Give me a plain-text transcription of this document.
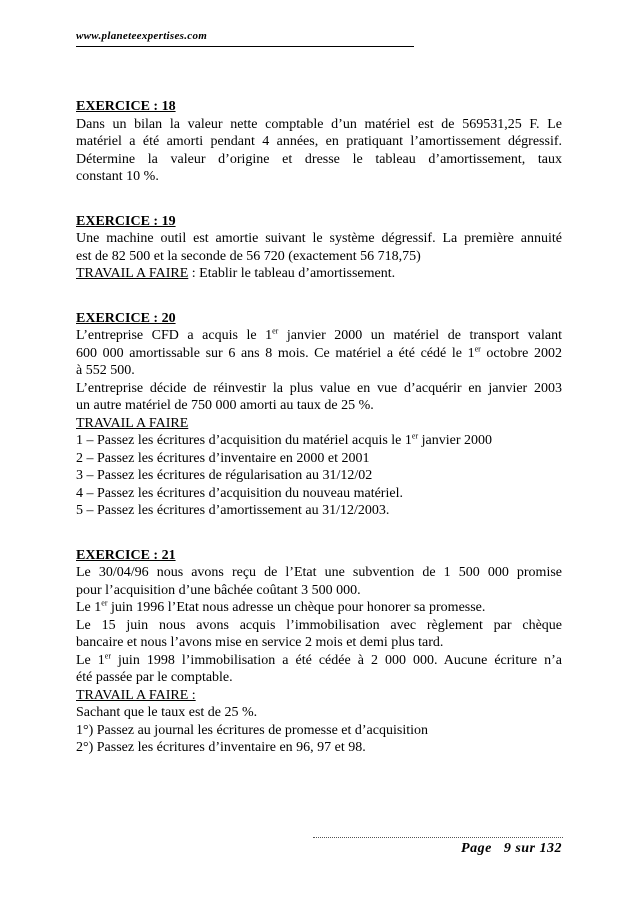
www.planeteexpertises.com
EXERCICE : 18
Dans un bilan la valeur nette comptable d’un matériel est de 569531,25 F. Le
matériel a été amorti pendant 4 années, en pratiquant l’amortissement dégressif.
Détermine la valeur d’origine et dresse le tableau d’amortissement, taux
constant 10 %.
EXERCICE : 19
Une machine outil est amortie suivant le système dégressif. La première annuité
est de 82 500 et la seconde de 56 720 (exactement 56 718,75)
TRAVAIL A FAIRE : Etablir le tableau d’amortissement.
EXERCICE : 20
L’entreprise CFD a acquis le 1er janvier 2000 un matériel de transport valant
600 000 amortissable sur 6 ans 8 mois. Ce matériel a été cédé le 1er octobre 2002
à 552 500.
L’entreprise décide de réinvestir la plus value en vue d’acquérir en janvier 2003
un autre matériel de 750 000 amorti au taux de 25 %.
TRAVAIL A FAIRE
1 – Passez les écritures d’acquisition du matériel acquis le 1er janvier 2000
2 – Passez les écritures d’inventaire en 2000 et 2001
3 – Passez les écritures de régularisation au 31/12/02
4 – Passez les écritures d’acquisition du nouveau matériel.
5 – Passez les écritures d’amortissement au 31/12/2003.
EXERCICE : 21
Le 30/04/96 nous avons reçu de l’Etat une subvention de 1 500 000 promise
pour l’acquisition d’une bâchée coûtant 3 500 000.
Le 1er juin 1996 l’Etat nous adresse un chèque pour honorer sa promesse.
Le 15 juin nous avons acquis l’immobilisation avec règlement par chèque
bancaire et nous l’avons mise en service 2 mois et demi plus tard.
Le 1er juin 1998 l’immobilisation a été cédée à 2 000 000. Aucune écriture n’a
été passée par le comptable.
TRAVAIL A FAIRE :
Sachant que le taux est de 25 %.
1°) Passez au journal les écritures de promesse et d’acquisition
2°) Passez les écritures d’inventaire en 96, 97 et 98.
Page   9 sur 132
